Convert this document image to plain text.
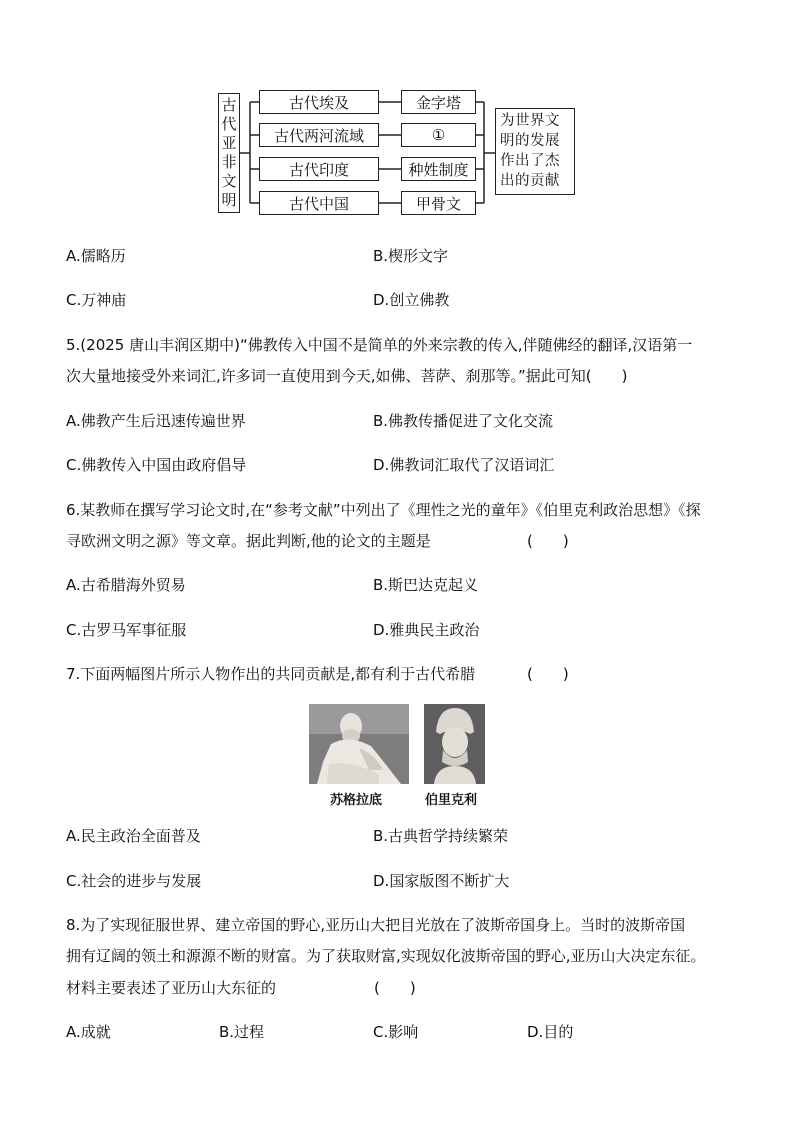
古
代
亚
非
文
明
古代埃及
古代两河流域
古代印度
古代中国
金字塔
①
种姓制度
甲骨文
为世界文
明的发展
作出了杰
出的贡献
A.儒略历	B.楔形文字
C.万神庙	D.创立佛教
5.(2025 唐山丰润区期中)“佛教传入中国不是简单的外来宗教的传入,伴随佛经的翻译,汉语第一
次大量地接受外来词汇,许多词一直使用到今天,如佛、菩萨、刹那等。”据此可知(　　)
A.佛教产生后迅速传遍世界	B.佛教传播促进了文化交流
C.佛教传入中国由政府倡导	D.佛教词汇取代了汉语词汇
6.某教师在撰写学习论文时,在“参考文献”中列出了《理性之光的童年》《伯里克利政治思想》《探
寻欧洲文明之源》等文章。据此判断,他的论文的主题是	(　　)
A.古希腊海外贸易	B.斯巴达克起义
C.古罗马军事征服	D.雅典民主政治
7.下面两幅图片所示人物作出的共同贡献是,都有利于古代希腊	(　　)
苏格拉底	伯里克利
A.民主政治全面普及	B.古典哲学持续繁荣
C.社会的进步与发展	D.国家版图不断扩大
8.为了实现征服世界、建立帝国的野心,亚历山大把目光放在了波斯帝国身上。当时的波斯帝国
拥有辽阔的领土和源源不断的财富。为了获取财富,实现奴化波斯帝国的野心,亚历山大决定东征。
材料主要表述了亚历山大东征的	(　　)
A.成就	B.过程	C.影响	D.目的
